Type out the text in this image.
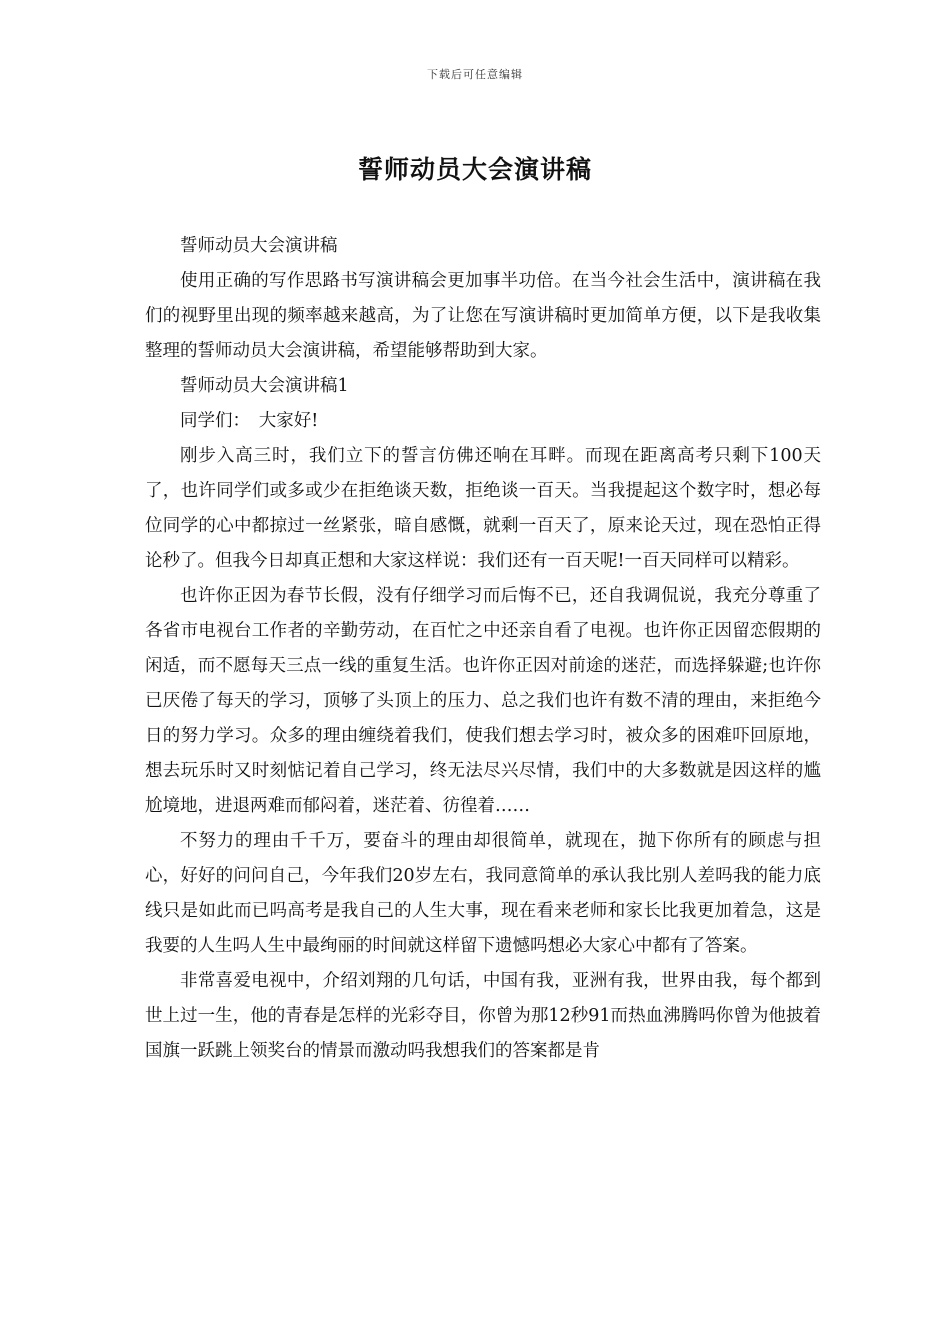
下载后可任意编辑
誓师动员大会演讲稿

誓师动员大会演讲稿

使用正确的写作思路书写演讲稿会更加事半功倍。在当今社会生活中，演讲稿在我们的视野里出现的频率越来越高，为了让您在写演讲稿时更加简单方便，以下是我收集整理的誓师动员大会演讲稿，希望能够帮助到大家。

誓师动员大会演讲稿1

同学们：　大家好!

刚步入高三时，我们立下的誓言仿佛还响在耳畔。而现在距离高考只剩下100天了，也许同学们或多或少在拒绝谈天数，拒绝谈一百天。当我提起这个数字时，想必每位同学的心中都掠过一丝紧张，暗自感慨，就剩一百天了，原来论天过，现在恐怕正得论秒了。但我今日却真正想和大家这样说：我们还有一百天呢!一百天同样可以精彩。

也许你正因为春节长假，没有仔细学习而后悔不已，还自我调侃说，我充分尊重了各省市电视台工作者的辛勤劳动，在百忙之中还亲自看了电视。也许你正因留恋假期的闲适，而不愿每天三点一线的重复生活。也许你正因对前途的迷茫，而选择躲避;也许你已厌倦了每天的学习，顶够了头顶上的压力、总之我们也许有数不清的理由，来拒绝今日的努力学习。众多的理由缠绕着我们，使我们想去学习时，被众多的困难吓回原地，想去玩乐时又时刻惦记着自己学习，终无法尽兴尽情，我们中的大多数就是因这样的尴尬境地，进退两难而郁闷着，迷茫着、彷徨着……

不努力的理由千千万，要奋斗的理由却很简单，就现在，抛下你所有的顾虑与担心，好好的问问自己，今年我们20岁左右，我同意简单的承认我比别人差吗我的能力底线只是如此而已吗高考是我自己的人生大事，现在看来老师和家长比我更加着急，这是我要的人生吗人生中最绚丽的时间就这样留下遗憾吗想必大家心中都有了答案。

非常喜爱电视中，介绍刘翔的几句话，中国有我，亚洲有我，世界由我，每个都到世上过一生，他的青春是怎样的光彩夺目，你曾为那12秒91而热血沸腾吗你曾为他披着国旗一跃跳上领奖台的情景而激动吗我想我们的答案都是肯
